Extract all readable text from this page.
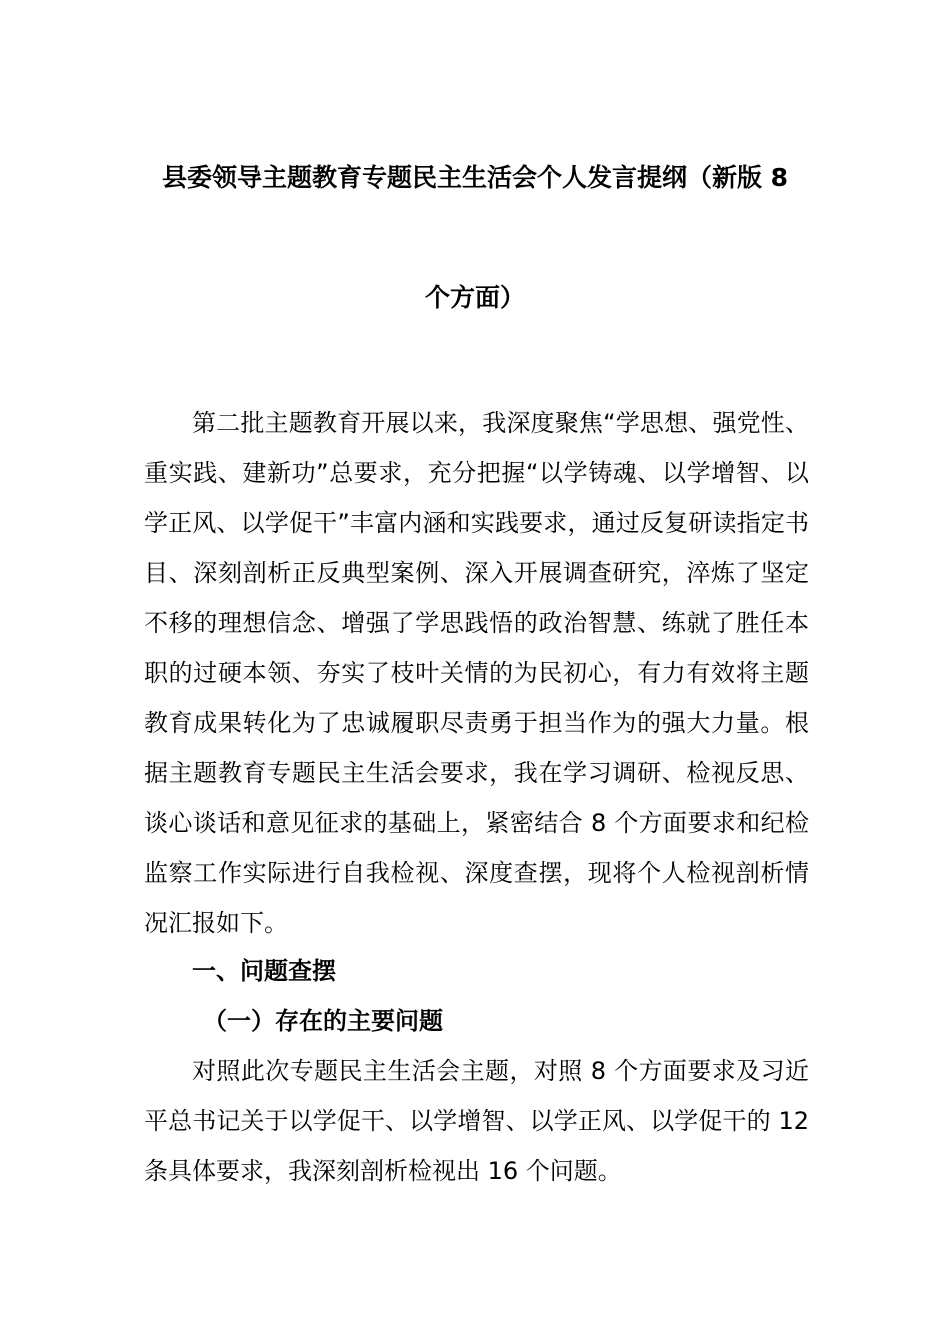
县委领导主题教育专题民主生活会个人发言提纲（新版 8
个方面）

第二批主题教育开展以来，我深度聚焦“学思想、强党性、重实践、建新功”总要求，充分把握“以学铸魂、以学增智、以学正风、以学促干”丰富内涵和实践要求，通过反复研读指定书目、深刻剖析正反典型案例、深入开展调查研究，淬炼了坚定不移的理想信念、增强了学思践悟的政治智慧、练就了胜任本职的过硬本领、夯实了枝叶关情的为民初心，有力有效将主题教育成果转化为了忠诚履职尽责勇于担当作为的强大力量。根据主题教育专题民主生活会要求，我在学习调研、检视反思、谈心谈话和意见征求的基础上，紧密结合 8 个方面要求和纪检监察工作实际进行自我检视、深度查摆，现将个人检视剖析情况汇报如下。

一、问题查摆
（一）存在的主要问题

对照此次专题民主生活会主题，对照 8 个方面要求及习近平总书记关于以学促干、以学增智、以学正风、以学促干的 12 条具体要求，我深刻剖析检视出 16 个问题。
